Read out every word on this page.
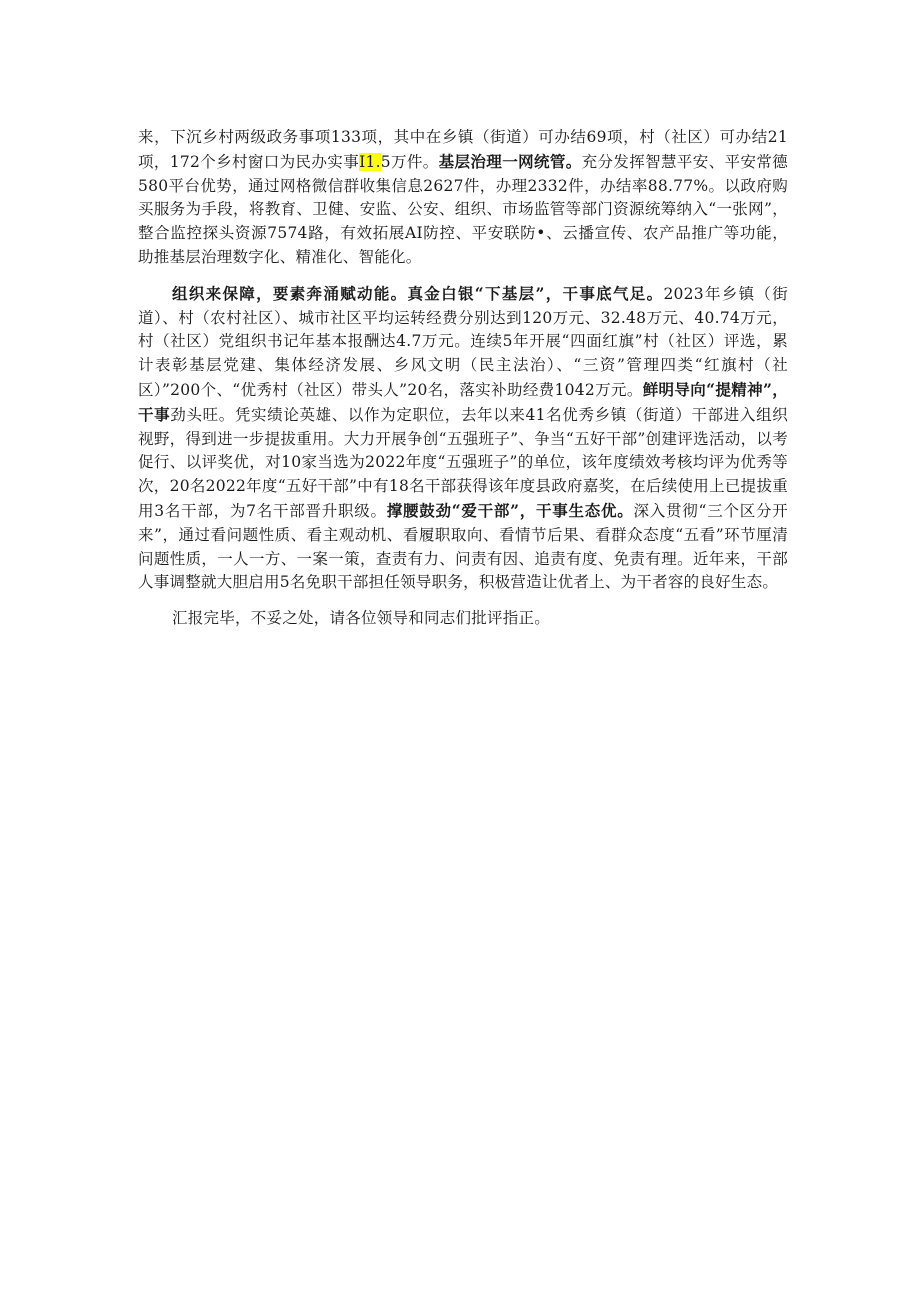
来，下沉乡村两级政务事项133项，其中在乡镇（街道）可办结69项，村（社区）可办结21项，172个乡村窗口为民办实事I1.5万件。基层治理一网统管。充分发挥智慧平安、平安常德580平台优势，通过网格微信群收集信息2627件，办理2332件，办结率88.77%。以政府购买服务为手段，将教育、卫健、安监、公安、组织、市场监管等部门资源统筹纳入“一张网”，整合监控探头资源7574路，有效拓展AI防控、平安联防•、云播宣传、农产品推广等功能，助推基层治理数字化、精准化、智能化。

组织来保障，要素奔涌赋动能。真金白银“下基层”，干事底气足。2023年乡镇（街道）、村（农村社区）、城市社区平均运转经费分别达到120万元、32.48万元、40.74万元，村（社区）党组织书记年基本报酬达4.7万元。连续5年开展“四面红旗”村（社区）评选，累计表彰基层党建、集体经济发展、乡风文明（民主法治）、“三资”管理四类“红旗村（社区）”200个、“优秀村（社区）带头人”20名，落实补助经费1042万元。鲜明导向“提精神”，干事劲头旺。凭实绩论英雄、以作为定职位，去年以来41名优秀乡镇（街道）干部进入组织视野，得到进一步提拔重用。大力开展争创“五强班子”、争当“五好干部”创建评选活动，以考促行、以评奖优，对10家当选为2022年度“五强班子”的单位，该年度绩效考核均评为优秀等次，20名2022年度“五好干部”中有18名干部获得该年度县政府嘉奖，在后续使用上已提拔重用3名干部，为7名干部晋升职级。撑腰鼓劲“爱干部”，干事生态优。深入贯彻“三个区分开来”，通过看问题性质、看主观动机、看履职取向、看情节后果、看群众态度“五看”环节厘清问题性质，一人一方、一案一策，查责有力、问责有因、追责有度、免责有理。近年来，干部人事调整就大胆启用5名免职干部担任领导职务，积极营造让优者上、为干者容的良好生态。

汇报完毕，不妥之处，请各位领导和同志们批评指正。
